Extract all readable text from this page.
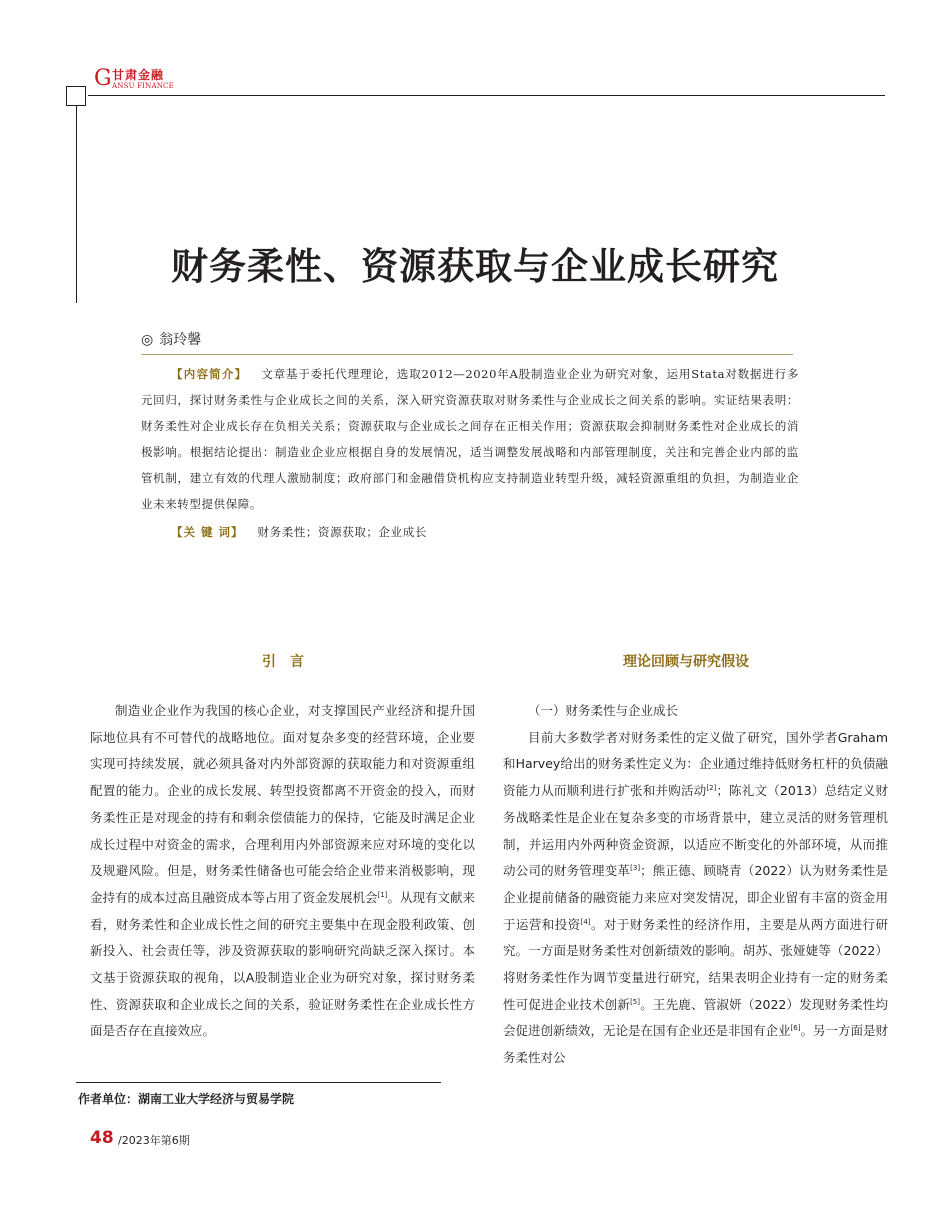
G 甘肃金融
ANSU FINANCE
财务柔性、资源获取与企业成长研究
◎ 翁玲馨

【内容简介】 文章基于委托代理理论，选取2012—2020年A股制造业企业为研究对象，运用Stata对数据进行多元回归，探讨财务柔性与企业成长之间的关系，深入研究资源获取对财务柔性与企业成长之间关系的影响。实证结果表明：财务柔性对企业成长存在负相关关系；资源获取与企业成长之间存在正相关作用；资源获取会抑制财务柔性对企业成长的消极影响。根据结论提出：制造业企业应根据自身的发展情况，适当调整发展战略和内部管理制度，关注和完善企业内部的监管机制，建立有效的代理人激励制度；政府部门和金融借贷机构应支持制造业转型升级，减轻资源重组的负担，为制造业企业未来转型提供保障。

【关 键 词】 财务柔性；资源获取；企业成长

引　言

制造业企业作为我国的核心企业，对支撑国民产业经济和提升国际地位具有不可替代的战略地位。面对复杂多变的经营环境，企业要实现可持续发展，就必须具备对内外部资源的获取能力和对资源重组配置的能力。企业的成长发展、转型投资都离不开资金的投入，而财务柔性正是对现金的持有和剩余偿债能力的保持，它能及时满足企业成长过程中对资金的需求，合理利用内外部资源来应对环境的变化以及规避风险。但是，财务柔性储备也可能会给企业带来消极影响，现金持有的成本过高且融资成本等占用了资金发展机会[1]。从现有文献来看，财务柔性和企业成长性之间的研究主要集中在现金股利政策、创新投入、社会责任等，涉及资源获取的影响研究尚缺乏深入探讨。本文基于资源获取的视角，以A股制造业企业为研究对象，探讨财务柔性、资源获取和企业成长之间的关系，验证财务柔性在企业成长性方面是否存在直接效应。

理论回顾与研究假设

（一）财务柔性与企业成长

目前大多数学者对财务柔性的定义做了研究，国外学者Graham和Harvey给出的财务柔性定义为：企业通过维持低财务杠杆的负债融资能力从而顺利进行扩张和并购活动[2]；陈礼文（2013）总结定义财务战略柔性是企业在复杂多变的市场背景中，建立灵活的财务管理机制，并运用内外两种资金资源，以适应不断变化的外部环境，从而推动公司的财务管理变革[3]；熊正德、顾晓青（2022）认为财务柔性是企业提前储备的融资能力来应对突发情况，即企业留有丰富的资金用于运营和投资[4]。对于财务柔性的经济作用，主要是从两方面进行研究。一方面是财务柔性对创新绩效的影响。胡苏、张娅婕等（2022）将财务柔性作为调节变量进行研究，结果表明企业持有一定的财务柔性可促进企业技术创新[5]。王先鹿、管淑妍（2022）发现财务柔性均会促进创新绩效，无论是在国有企业还是非国有企业[6]。另一方面是财务柔性对公

作者单位：湖南工业大学经济与贸易学院
48 /2023年第6期
